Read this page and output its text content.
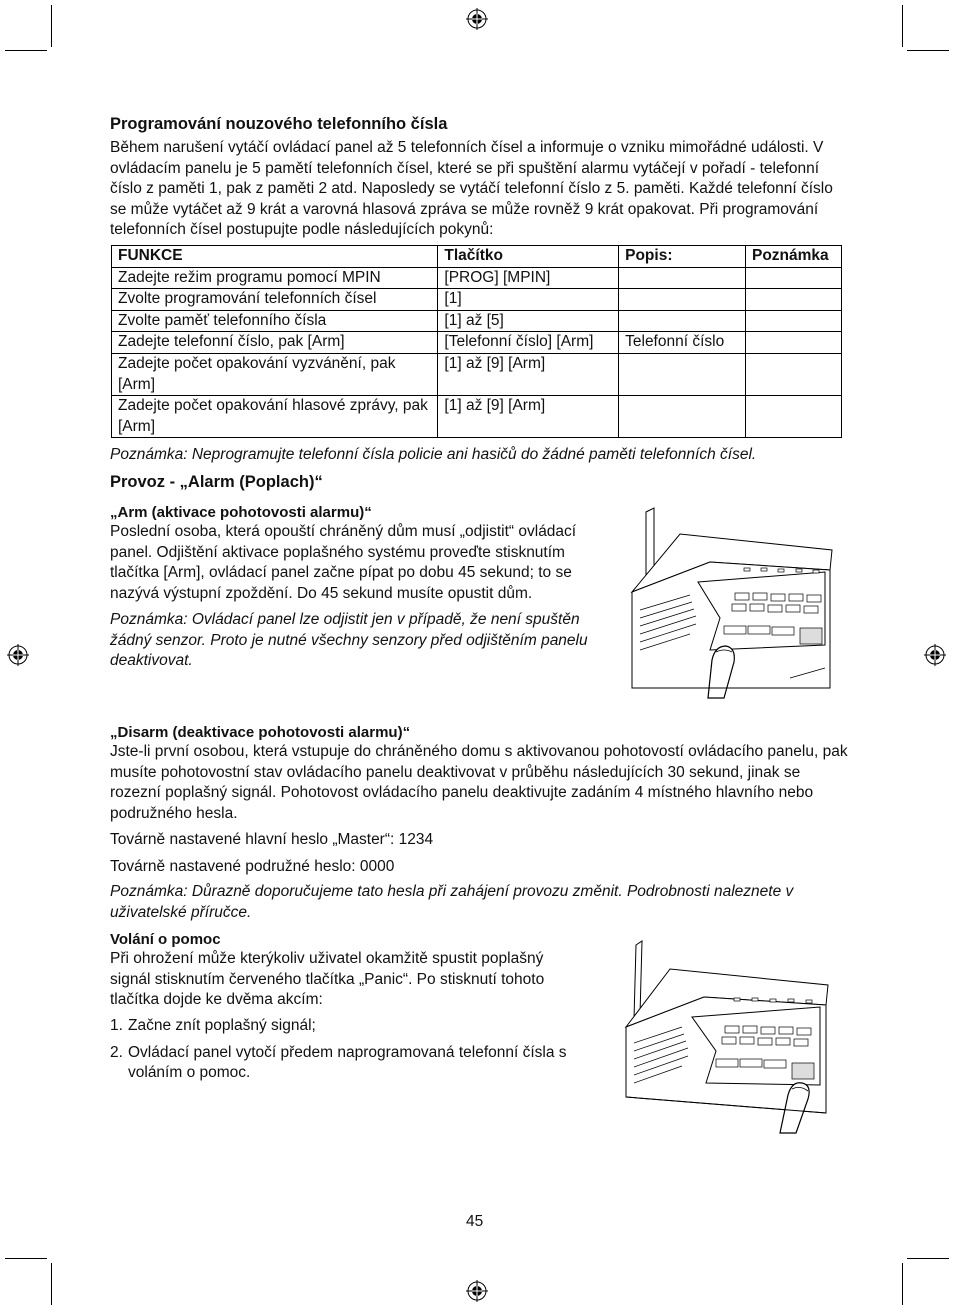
Programování nouzového telefonního čísla

Během narušení vytáčí ovládací panel až 5 telefonních čísel a informuje o vzniku mimořádné události. V ovládacím panelu je 5 pamětí telefonních čísel, které se při spuštění alarmu vytáčejí v pořadí - telefonní číslo z paměti 1, pak z paměti 2 atd. Naposledy se vytáčí telefonní číslo z 5. paměti. Každé telefonní číslo se může vytáčet až 9 krát a varovná hlasová zpráva se může rovněž 9 krát opakovat. Při programování telefonních čísel postupujte podle následujících pokynů:

FUNKCE	Tlačítko	Popis:	Poznámka
Zadejte režim programu pomocí MPIN	[PROG] [MPIN]		
Zvolte programování telefonních čísel	[1]		
Zvolte paměť telefonního čísla	[1] až [5]		
Zadejte telefonní číslo, pak [Arm]	[Telefonní číslo] [Arm]	Telefonní číslo	
Zadejte počet opakování vyzvánění, pak [Arm]	[1] až [9] [Arm]		
Zadejte počet opakování hlasové zprávy, pak [Arm]	[1] až [9] [Arm]		

Poznámka: Neprogramujte telefonní čísla policie ani hasičů do žádné paměti telefonních čísel.

Provoz - „Alarm (Poplach)“

„Arm (aktivace pohotovosti alarmu)“

Poslední osoba, která opouští chráněný dům musí „odjistit“ ovládací panel. Odjištění aktivace poplašného systému proveďte stisknutím tlačítka [Arm], ovládací panel začne pípat po dobu 45 sekund; to se nazývá výstupní zpoždění. Do 45 sekund musíte opustit dům.

Poznámka: Ovládací panel lze odjistit jen v případě, že není spuštěn žádný senzor. Proto je nutné všechny senzory před odjištěním panelu deaktivovat.

„Disarm (deaktivace pohotovosti alarmu)“

Jste-li první osobou, která vstupuje do chráněného domu s aktivovanou pohotovostí ovládacího panelu, pak musíte pohotovostní stav ovládacího panelu deaktivovat v průběhu následujících 30 sekund, jinak se rozezní poplašný signál. Pohotovost ovládacího panelu deaktivujte zadáním 4 místného hlavního nebo podružného hesla.

Továrně nastavené hlavní heslo „Master“: 1234

Továrně nastavené podružné heslo: 0000

Poznámka: Důrazně doporučujeme tato hesla při zahájení provozu změnit. Podrobnosti naleznete v uživatelské příručce.

Volání o pomoc

Při ohrožení může kterýkoliv uživatel okamžitě spustit poplašný signál stisknutím červeného tlačítka „Panic“. Po stisknutí tohoto tlačítka dojde ke dvěma akcím:

1. Začne znít poplašný signál;
2. Ovládací panel vytočí předem naprogramovaná telefonní čísla s voláním o pomoc.
45
